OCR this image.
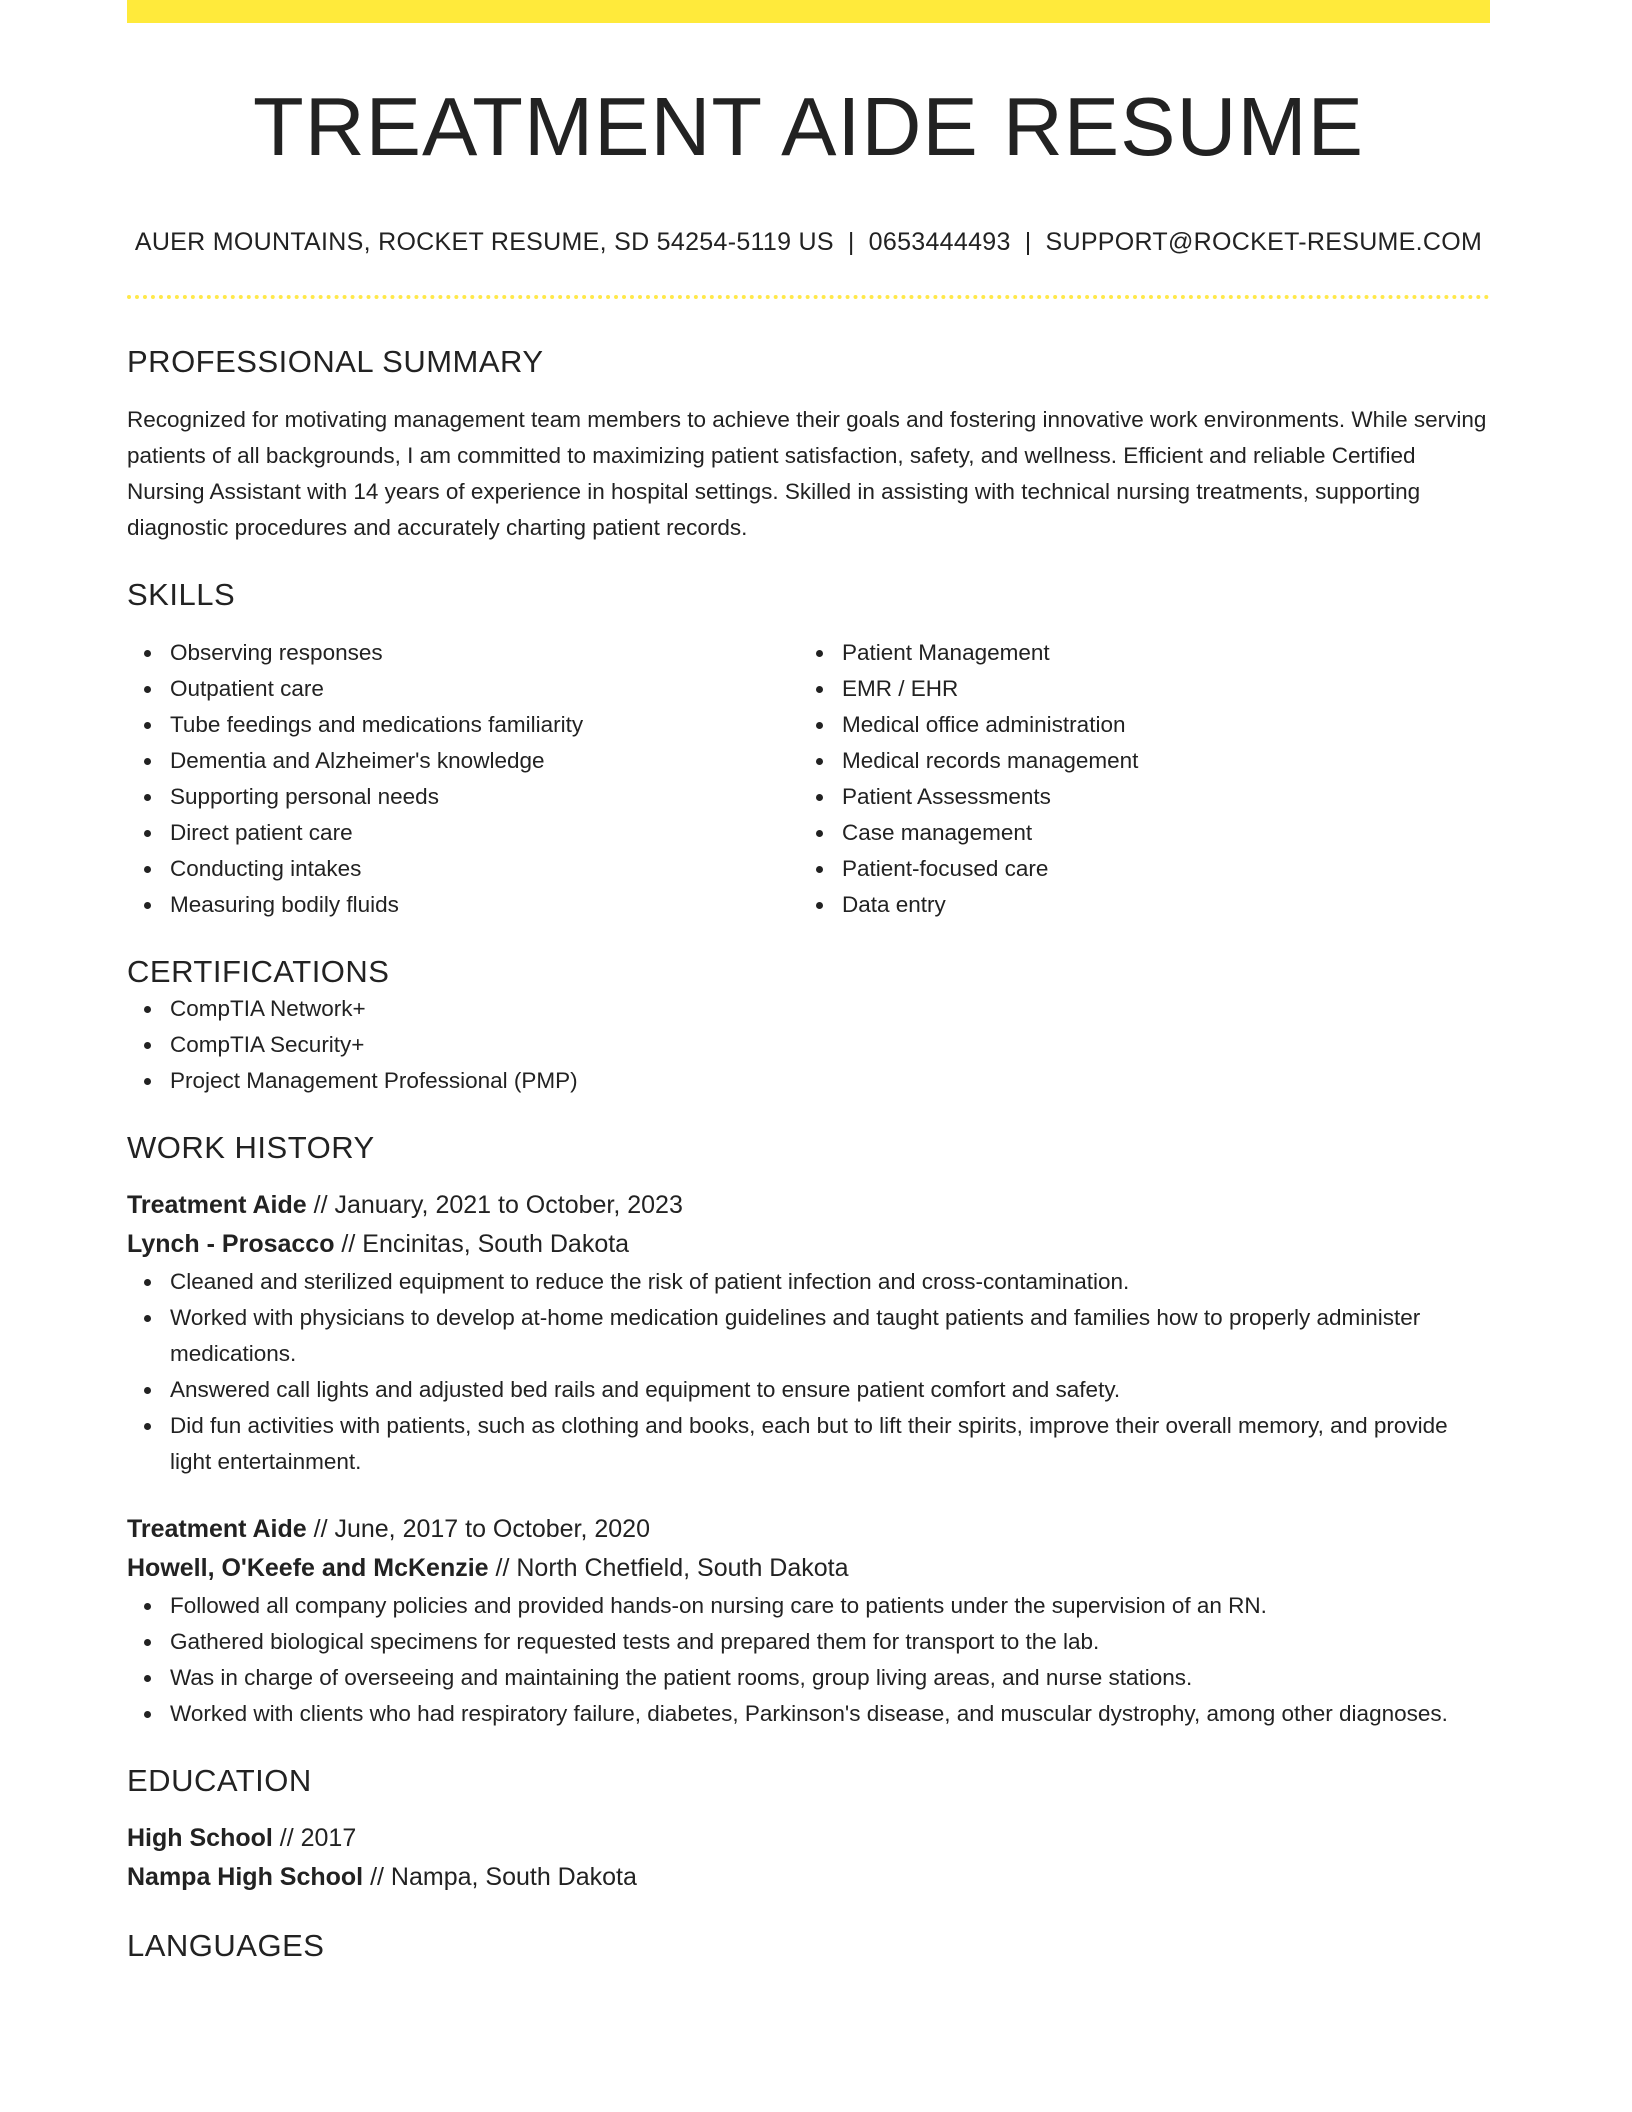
TREATMENT AIDE RESUME
AUER MOUNTAINS, ROCKET RESUME, SD 54254-5119 US | 0653444493 | SUPPORT@ROCKET-RESUME.COM
PROFESSIONAL SUMMARY
Recognized for motivating management team members to achieve their goals and fostering innovative work environments. While serving patients of all backgrounds, I am committed to maximizing patient satisfaction, safety, and wellness. Efficient and reliable Certified Nursing Assistant with 14 years of experience in hospital settings. Skilled in assisting with technical nursing treatments, supporting diagnostic procedures and accurately charting patient records.
SKILLS
Observing responses
Outpatient care
Tube feedings and medications familiarity
Dementia and Alzheimer's knowledge
Supporting personal needs
Direct patient care
Conducting intakes
Measuring bodily fluids
Patient Management
EMR / EHR
Medical office administration
Medical records management
Patient Assessments
Case management
Patient-focused care
Data entry
CERTIFICATIONS
CompTIA Network+
CompTIA Security+
Project Management Professional (PMP)
WORK HISTORY
Treatment Aide // January, 2021 to October, 2023
Lynch - Prosacco // Encinitas, South Dakota
Cleaned and sterilized equipment to reduce the risk of patient infection and cross-contamination.
Worked with physicians to develop at-home medication guidelines and taught patients and families how to properly administer medications.
Answered call lights and adjusted bed rails and equipment to ensure patient comfort and safety.
Did fun activities with patients, such as clothing and books, each but to lift their spirits, improve their overall memory, and provide light entertainment.
Treatment Aide // June, 2017 to October, 2020
Howell, O'Keefe and McKenzie // North Chetfield, South Dakota
Followed all company policies and provided hands-on nursing care to patients under the supervision of an RN.
Gathered biological specimens for requested tests and prepared them for transport to the lab.
Was in charge of overseeing and maintaining the patient rooms, group living areas, and nurse stations.
Worked with clients who had respiratory failure, diabetes, Parkinson's disease, and muscular dystrophy, among other diagnoses.
EDUCATION
High School // 2017
Nampa High School // Nampa, South Dakota
LANGUAGES
